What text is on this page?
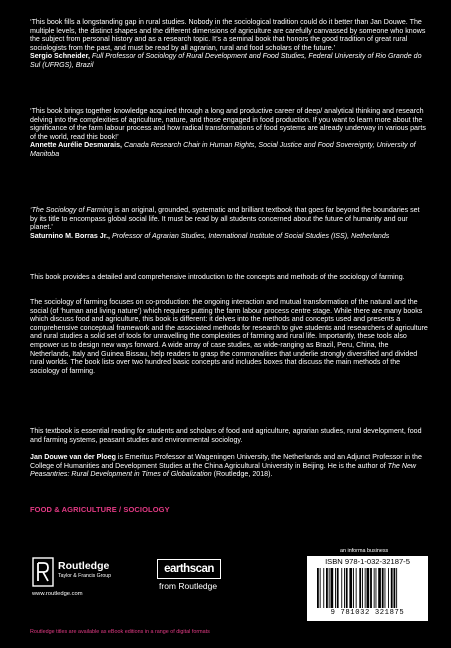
‘This book fills a longstanding gap in rural studies. Nobody in the sociological tradition could do it better than Jan Douwe. The multiple levels, the distinct shapes and the different dimensions of agriculture are carefully canvassed by someone who knows the subject from personal history and as a research topic. It’s a seminal book that honors the good tradition of great rural sociologists from the past, and must be read by all agrarian, rural and food scholars of the future.’

Sergio Schneider, Full Professor of Sociology of Rural Development and Food Studies, Federal University of Rio Grande do Sul (UFRGS), Brazil

‘This book brings together knowledge acquired through a long and productive career of deep/ analytical thinking and research delving into the complexities of agriculture, nature, and those engaged in food production. If you want to learn more about the significance of the farm labour process and how radical transformations of food systems are already underway in various parts of the world, read this book!’

Annette Aurélie Desmarais, Canada Research Chair in Human Rights, Social Justice and Food Sovereignty, University of Manitoba

‘The Sociology of Farming is an original, grounded, systematic and brilliant textbook that goes far beyond the boundaries set by its title to encompass global social life. It must be read by all students concerned about the future of humanity and our planet.’

Saturnino M. Borras Jr., Professor of Agrarian Studies, International Institute of Social Studies (ISS), Netherlands

This book provides a detailed and comprehensive introduction to the concepts and methods of the sociology of farming.

The sociology of farming focuses on co-production: the ongoing interaction and mutual transformation of the natural and the social (of ‘human and living nature’) which requires putting the farm labour process centre stage. While there are many books which discuss food and agriculture, this book is different: it delves into the methods and concepts used and presents a comprehensive conceptual framework and the associated methods for research to give students and researchers of agriculture and rural studies a solid set of tools for unravelling the complexities of farming and rural life. Importantly, these tools also empower us to design new ways forward. A wide array of case studies, as wide-ranging as Brazil, Peru, China, the Netherlands, Italy and Guinea Bissau, help readers to grasp the commonalities that underlie strongly diversified and divided rural worlds. The book lists over two hundred basic concepts and includes boxes that discuss the main methods of the sociology of farming.

This textbook is essential reading for students and scholars of food and agriculture, agrarian studies, rural development, food and farming systems, peasant studies and environmental sociology.

Jan Douwe van der Ploeg is Emeritus Professor at Wageningen University, the Netherlands and an Adjunct Professor in the College of Humanities and Development Studies at the China Agricultural University in Beijing. He is the author of The New Peasantries: Rural Development in Times of Globalization (Routledge, 2018).

FOOD & AGRICULTURE / SOCIOLOGY
Routledge
Taylor & Francis Group
www.routledge.com
earthscan
from Routledge
an informa business
ISBN 978-1-032-32187-5
9 781032 321875
Routledge titles are available as eBook editions in a range of digital formats
